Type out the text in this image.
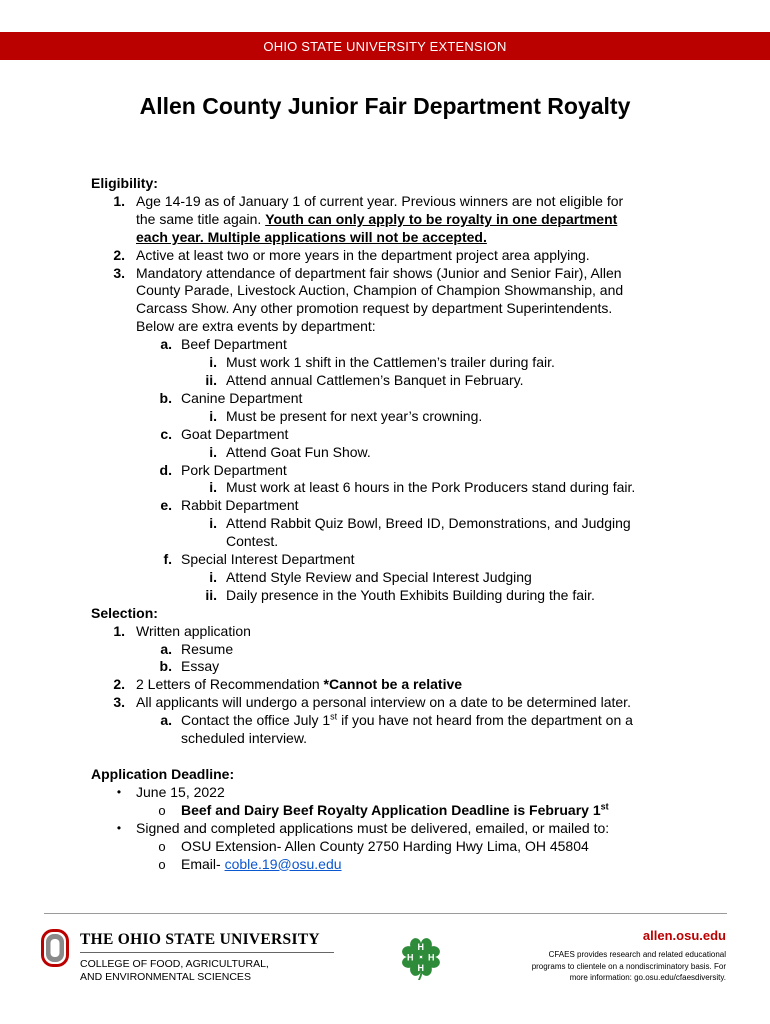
OHIO STATE UNIVERSITY EXTENSION
Allen County Junior Fair Department Royalty
Eligibility:
1. Age 14-19 as of January 1 of current year. Previous winners are not eligible for
the same title again. Youth can only apply to be royalty in one department
each year. Multiple applications will not be accepted.
2. Active at least two or more years in the department project area applying.
3. Mandatory attendance of department fair shows (Junior and Senior Fair), Allen
County Parade, Livestock Auction, Champion of Champion Showmanship, and
Carcass Show. Any other promotion request by department Superintendents.
Below are extra events by department:
a. Beef Department
i. Must work 1 shift in the Cattlemen’s trailer during fair.
ii. Attend annual Cattlemen’s Banquet in February.
b. Canine Department
i. Must be present for next year’s crowning.
c. Goat Department
i. Attend Goat Fun Show.
d. Pork Department
i. Must work at least 6 hours in the Pork Producers stand during fair.
e. Rabbit Department
i. Attend Rabbit Quiz Bowl, Breed ID, Demonstrations, and Judging
Contest.
f. Special Interest Department
i. Attend Style Review and Special Interest Judging
ii. Daily presence in the Youth Exhibits Building during the fair.
Selection:
1. Written application
a. Resume
b. Essay
2. 2 Letters of Recommendation *Cannot be a relative
3. All applicants will undergo a personal interview on a date to be determined later.
a. Contact the office July 1st if you have not heard from the department on a
scheduled interview.
Application Deadline:
• June 15, 2022
o Beef and Dairy Beef Royalty Application Deadline is February 1st
• Signed and completed applications must be delivered, emailed, or mailed to:
o OSU Extension- Allen County 2750 Harding Hwy Lima, OH 45804
o Email- coble.19@osu.edu
THE OHIO STATE UNIVERSITY
COLLEGE OF FOOD, AGRICULTURAL,
AND ENVIRONMENTAL SCIENCES
H
H
H H
allen.osu.edu
CFAES provides research and related educational
programs to clientele on a nondiscriminatory basis. For
more information: go.osu.edu/cfaesdiversity.
